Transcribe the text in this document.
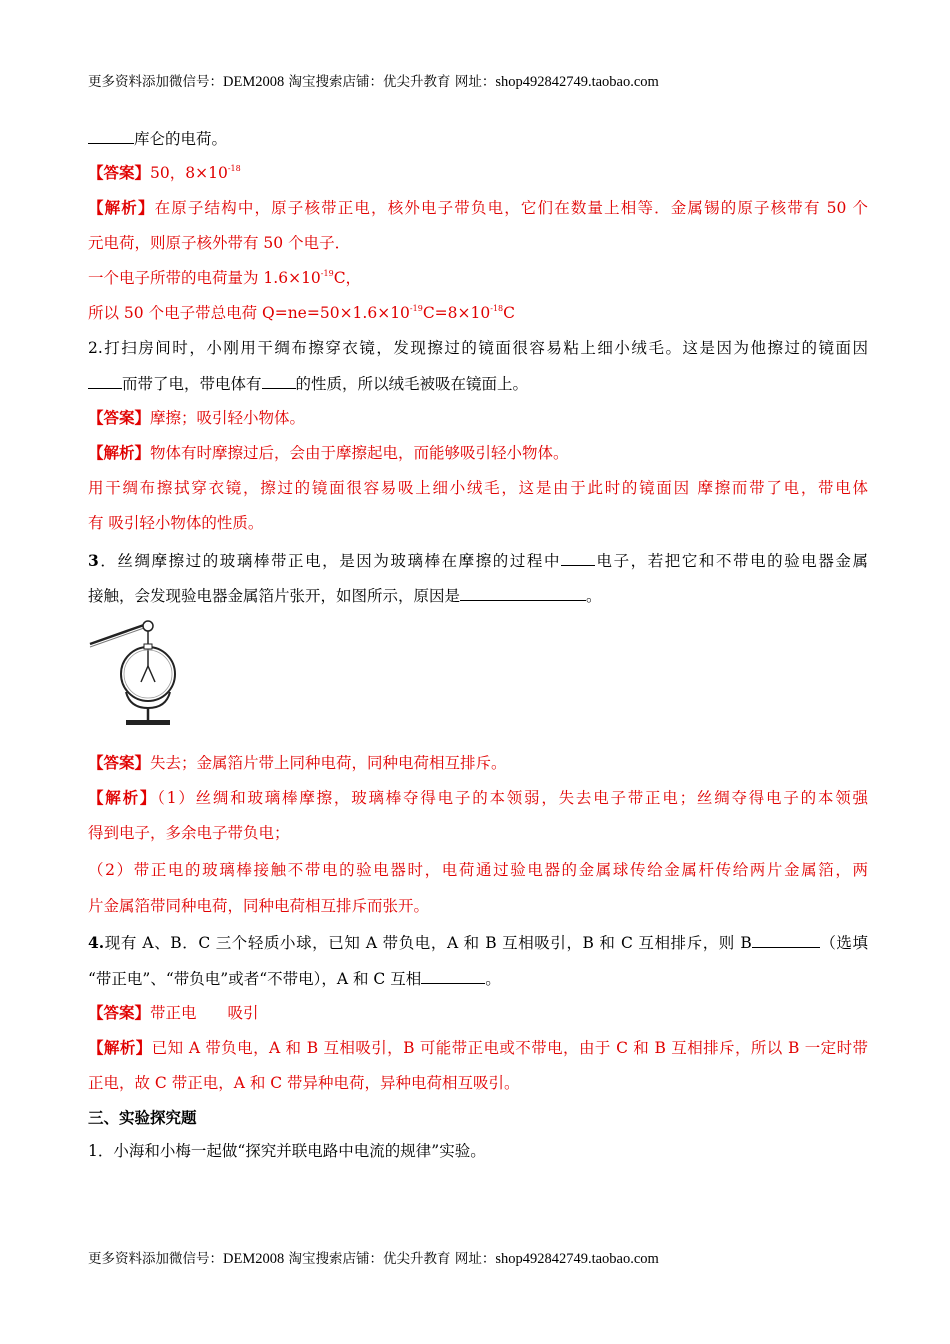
更多资料添加微信号：DEM2008 淘宝搜索店铺：优尖升教育 网址：shop492842749.taobao.com
库仑的电荷。
【答案】50，$8\times 10^{-18}$
【解析】在原子结构中，原子核带正电，核外电子带负电，它们在数量上相等．金属锡的原子核带有 50 个
元电荷，则原子核外带有 50 个电子．
一个电子所带的电荷量为 $1.6\times 10^{-19}C$，
所以 50 个电子带总电荷 $Q=ne=50\times 1.6\times 10^{-19}C=8\times 10^{-18}C$
2.打扫房间时，小刚用干绸布擦穿衣镜，发现擦过的镜面很容易粘上细小绒毛。这是因为他擦过的镜面因
而带了电，带电体有 的性质，所以绒毛被吸在镜面上。
【答案】摩擦；吸引轻小物体。
【解析】物体有时摩擦过后，会由于摩擦起电，而能够吸引轻小物体。
用干绸布擦拭穿衣镜，擦过的镜面很容易吸上细小绒毛，这是由于此时的镜面因 摩擦而带了电，带电体
有 吸引轻小物体的性质。
3．丝绸摩擦过的玻璃棒带正电，是因为玻璃棒在摩擦的过程中 电子，若把它和不带电的验电器金属
接触，会发现验电器金属箔片张开，如图所示，原因是	。
【答案】失去；金属箔片带上同种电荷，同种电荷相互排斥。
【解析】（1）丝绸和玻璃棒摩擦，玻璃棒夺得电子的本领弱，失去电子带正电；丝绸夺得电子的本领强
得到电子，多余电子带负电；
（2）带正电的玻璃棒接触不带电的验电器时，电荷通过验电器的金属球传给金属杆传给两片金属箔，两
片金属箔带同种电荷，同种电荷相互排斥而张开。
4.现有 A、B．C 三个轻质小球，已知 A 带负电，A 和 B 互相吸引，B 和 C 互相排斥，则 B	（选填
“带正电”、“带负电”或者“不带电），A 和 C 互相	。
【答案】带正电　　吸引
【解析】已知 A 带负电，A 和 B 互相吸引，B 可能带正电或不带电，由于 C 和 B 互相排斥，所以 B 一定时带
正电，故 C 带正电，A 和 C 带异种电荷，异种电荷相互吸引。
三、实验探究题
1．小海和小梅一起做“探究并联电路中电流的规律”实验。
更多资料添加微信号：DEM2008 淘宝搜索店铺：优尖升教育 网址：shop492842749.taobao.com
